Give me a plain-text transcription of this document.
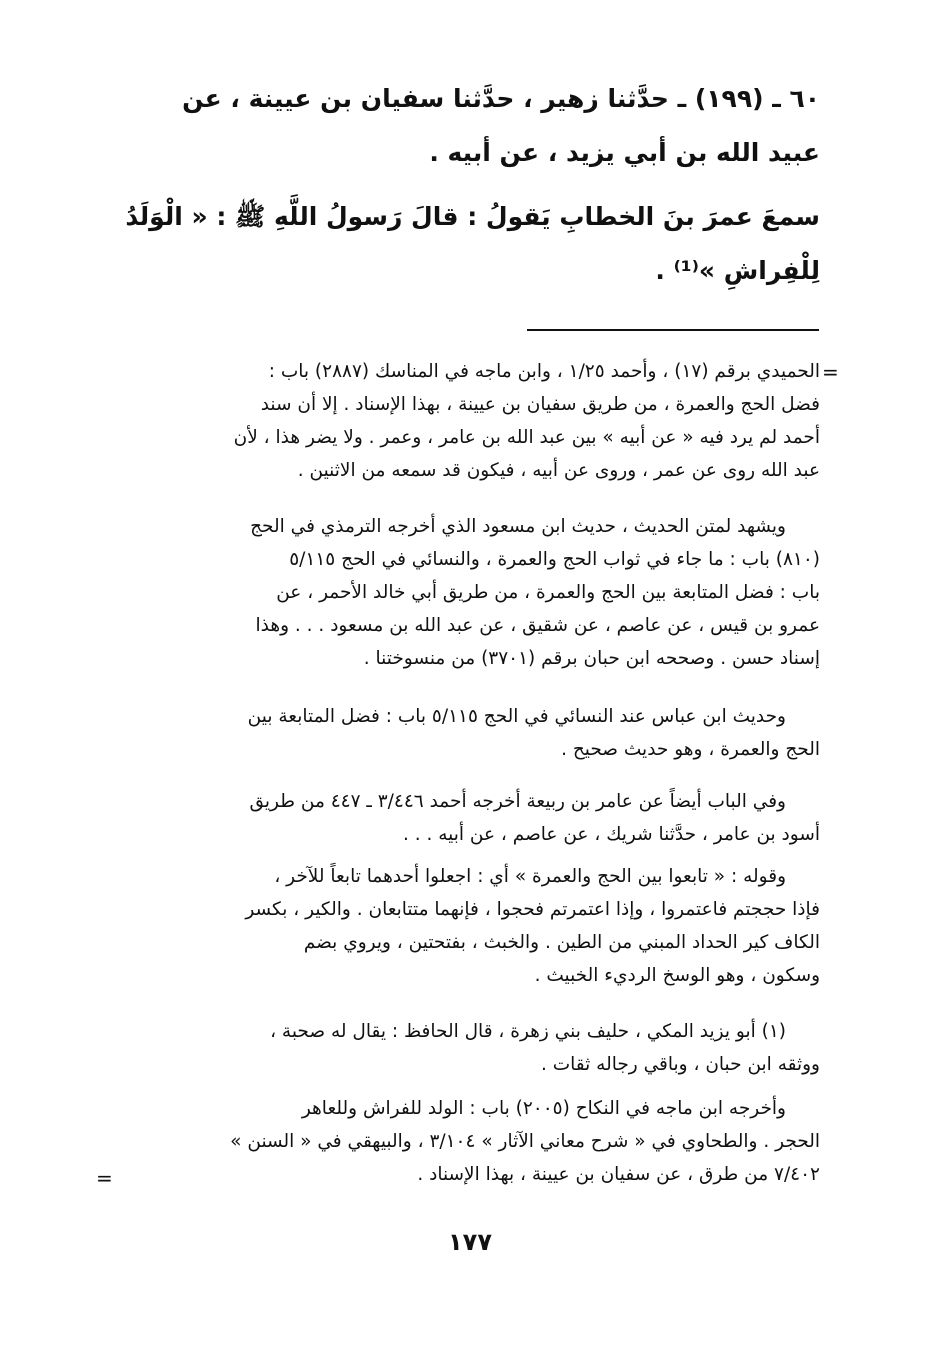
٦٠ ـ (١٩٩) ـ حدَّثنا زهير ، حدَّثنا سفيان بن عيينة ، عن
عبيد الله بن أبي يزيد ، عن أبيه .
سمعَ عمرَ بنَ الخطابِ يَقولُ : قالَ رَسولُ اللَّهِ ﷺ : « الْوَلَدُ
لِلْفِراشِ »⁽¹⁾ .
=
=
الحميدي برقم (١٧) ، وأحمد ١/٢٥ ، وابن ماجه في المناسك (٢٨٨٧) باب :
فضل الحج والعمرة ، من طريق سفيان بن عيينة ، بهذا الإسناد . إلا أن سند
أحمد لم يرد فيه « عن أبيه » بين عبد الله بن عامر ، وعمر . ولا يضر هذا ، لأن
عبد الله روى عن عمر ، وروى عن أبيه ، فيكون قد سمعه من الاثنين .
ويشهد لمتن الحديث ، حديث ابن مسعود الذي أخرجه الترمذي في الحج
(٨١٠) باب : ما جاء في ثواب الحج والعمرة ، والنسائي في الحج ٥/١١٥
باب : فضل المتابعة بين الحج والعمرة ، من طريق أبي خالد الأحمر ، عن
عمرو بن قيس ، عن عاصم ، عن شقيق ، عن عبد الله بن مسعود . . . وهذا
إسناد حسن . وصححه ابن حبان برقم (٣٧٠١) من منسوختنا .
وحديث ابن عباس عند النسائي في الحج ٥/١١٥ باب : فضل المتابعة بين
الحج والعمرة ، وهو حديث صحيح .
وفي الباب أيضاً عن عامر بن ربيعة أخرجه أحمد ٣/٤٤٦ ـ ٤٤٧ من طريق
أسود بن عامر ، حدَّثنا شريك ، عن عاصم ، عن أبيه . . .
وقوله : « تابعوا بين الحج والعمرة » أي : اجعلوا أحدهما تابعاً للآخر ،
فإذا حججتم فاعتمروا ، وإذا اعتمرتم فحجوا ، فإنهما متتابعان . والكير ، بكسر
الكاف كير الحداد المبني من الطين . والخبث ، بفتحتين ، ويروي بضم
وسكون ، وهو الوسخ الرديء الخبيث .
(١) أبو يزيد المكي ، حليف بني زهرة ، قال الحافظ : يقال له صحبة ،
ووثقه ابن حبان ، وباقي رجاله ثقات .
وأخرجه ابن ماجه في النكاح (٢٠٠٥) باب : الولد للفراش وللعاهر
الحجر . والطحاوي في « شرح معاني الآثار » ٣/١٠٤ ، والبيهقي في « السنن »
٧/٤٠٢ من طرق ، عن سفيان بن عيينة ، بهذا الإسناد .
١٧٧
